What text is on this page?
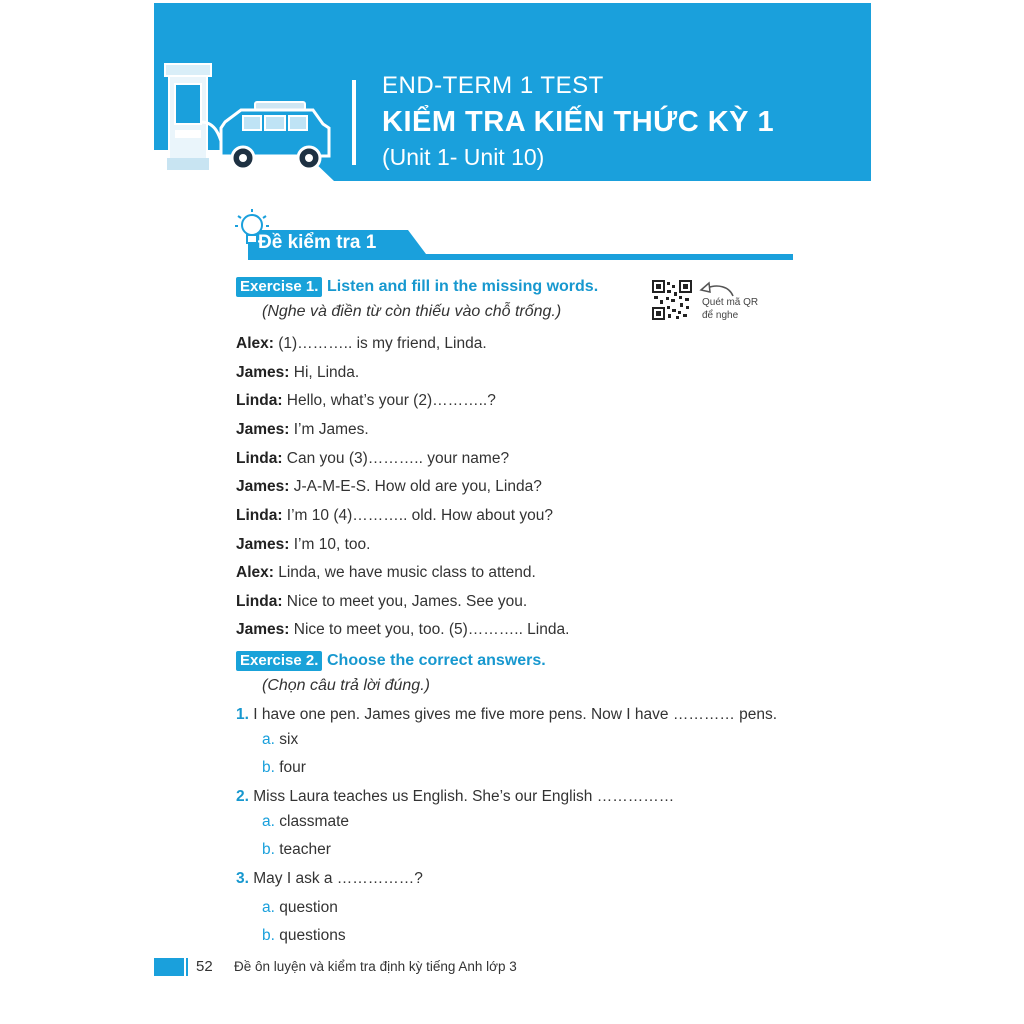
END-TERM 1 TEST
KIỂM TRA KIẾN THỨC KỲ 1
(Unit 1- Unit 10)
Đề kiểm tra 1
Exercise 1. Listen and fill in the missing words.
(Nghe và điền từ còn thiếu vào chỗ trống.)
Quét mã QR
để nghe
Alex: (1)……….. is my friend, Linda.
James: Hi, Linda.
Linda: Hello, what’s your (2)………..?
James: I’m James.
Linda: Can you (3)……….. your name?
James: J-A-M-E-S. How old are you, Linda?
Linda: I’m 10 (4)……….. old. How about you?
James: I’m 10, too.
Alex: Linda, we have music class to attend.
Linda: Nice to meet you, James. See you.
James: Nice to meet you, too. (5)……….. Linda.
Exercise 2. Choose the correct answers.
(Chọn câu trả lời đúng.)
1. I have one pen. James gives me five more pens. Now I have ………… pens.
a. six
b. four
2. Miss Laura teaches us English. She’s our English ……………
a. classmate
b. teacher
3. May I ask a ……………?
a. question
b. questions
52 Đề ôn luyện và kiểm tra định kỳ tiếng Anh lớp 3
